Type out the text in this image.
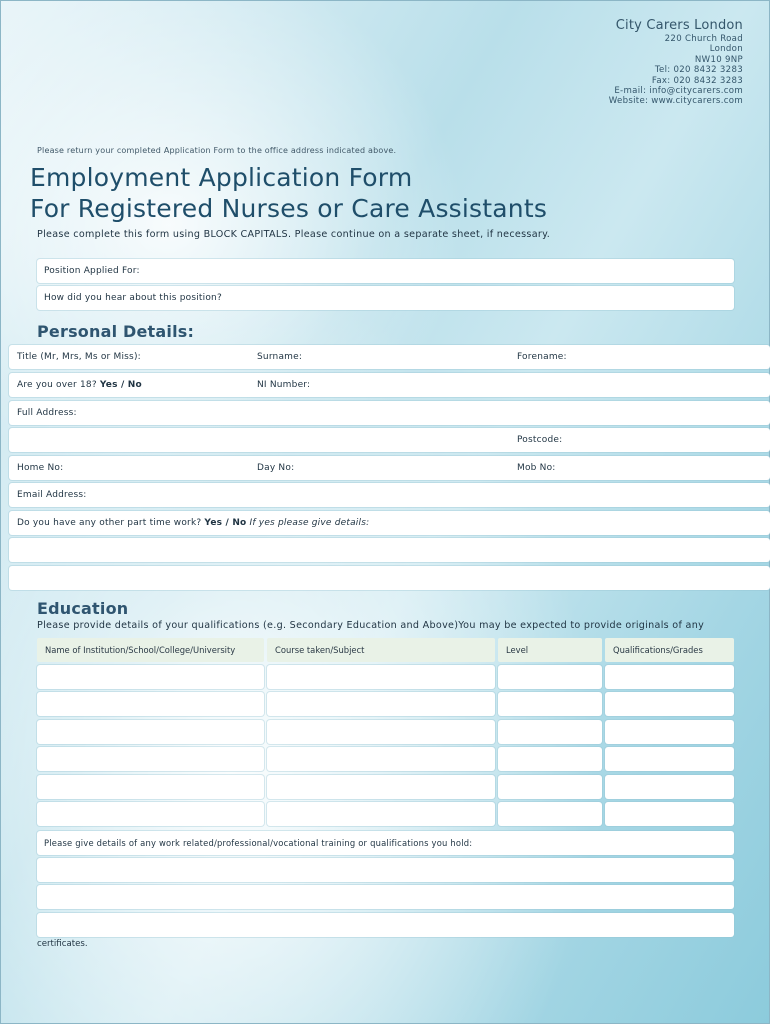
City Carers London
220 Church Road
London
NW10 9NP
Tel: 020 8432 3283
Fax: 020 8432 3283
E-mail: info@citycarers.com
Website: www.citycarers.com
Please return your completed Application Form to the office address indicated above.
Employment Application Form
For Registered Nurses or Care Assistants
Please complete this form using BLOCK CAPITALS. Please continue on a separate sheet, if necessary.
Position Applied For:
How did you hear about this position?
Personal Details:
Title (Mr, Mrs, Ms or Miss):	Surname:	Forename:
Are you over 18? Yes / No	NI Number:
Full Address:
Postcode:
Home No:	Day No:	Mob No:
Email Address:
Do you have any other part time work? Yes / No If yes please give details:
Education
Please provide details of your qualifications (e.g. Secondary Education and Above)You may be expected to provide originals of any
Name of Institution/School/College/University	Course taken/Subject	Level	Qualifications/Grades
Please give details of any work related/professional/vocational training or qualifications you hold:
certificates.
